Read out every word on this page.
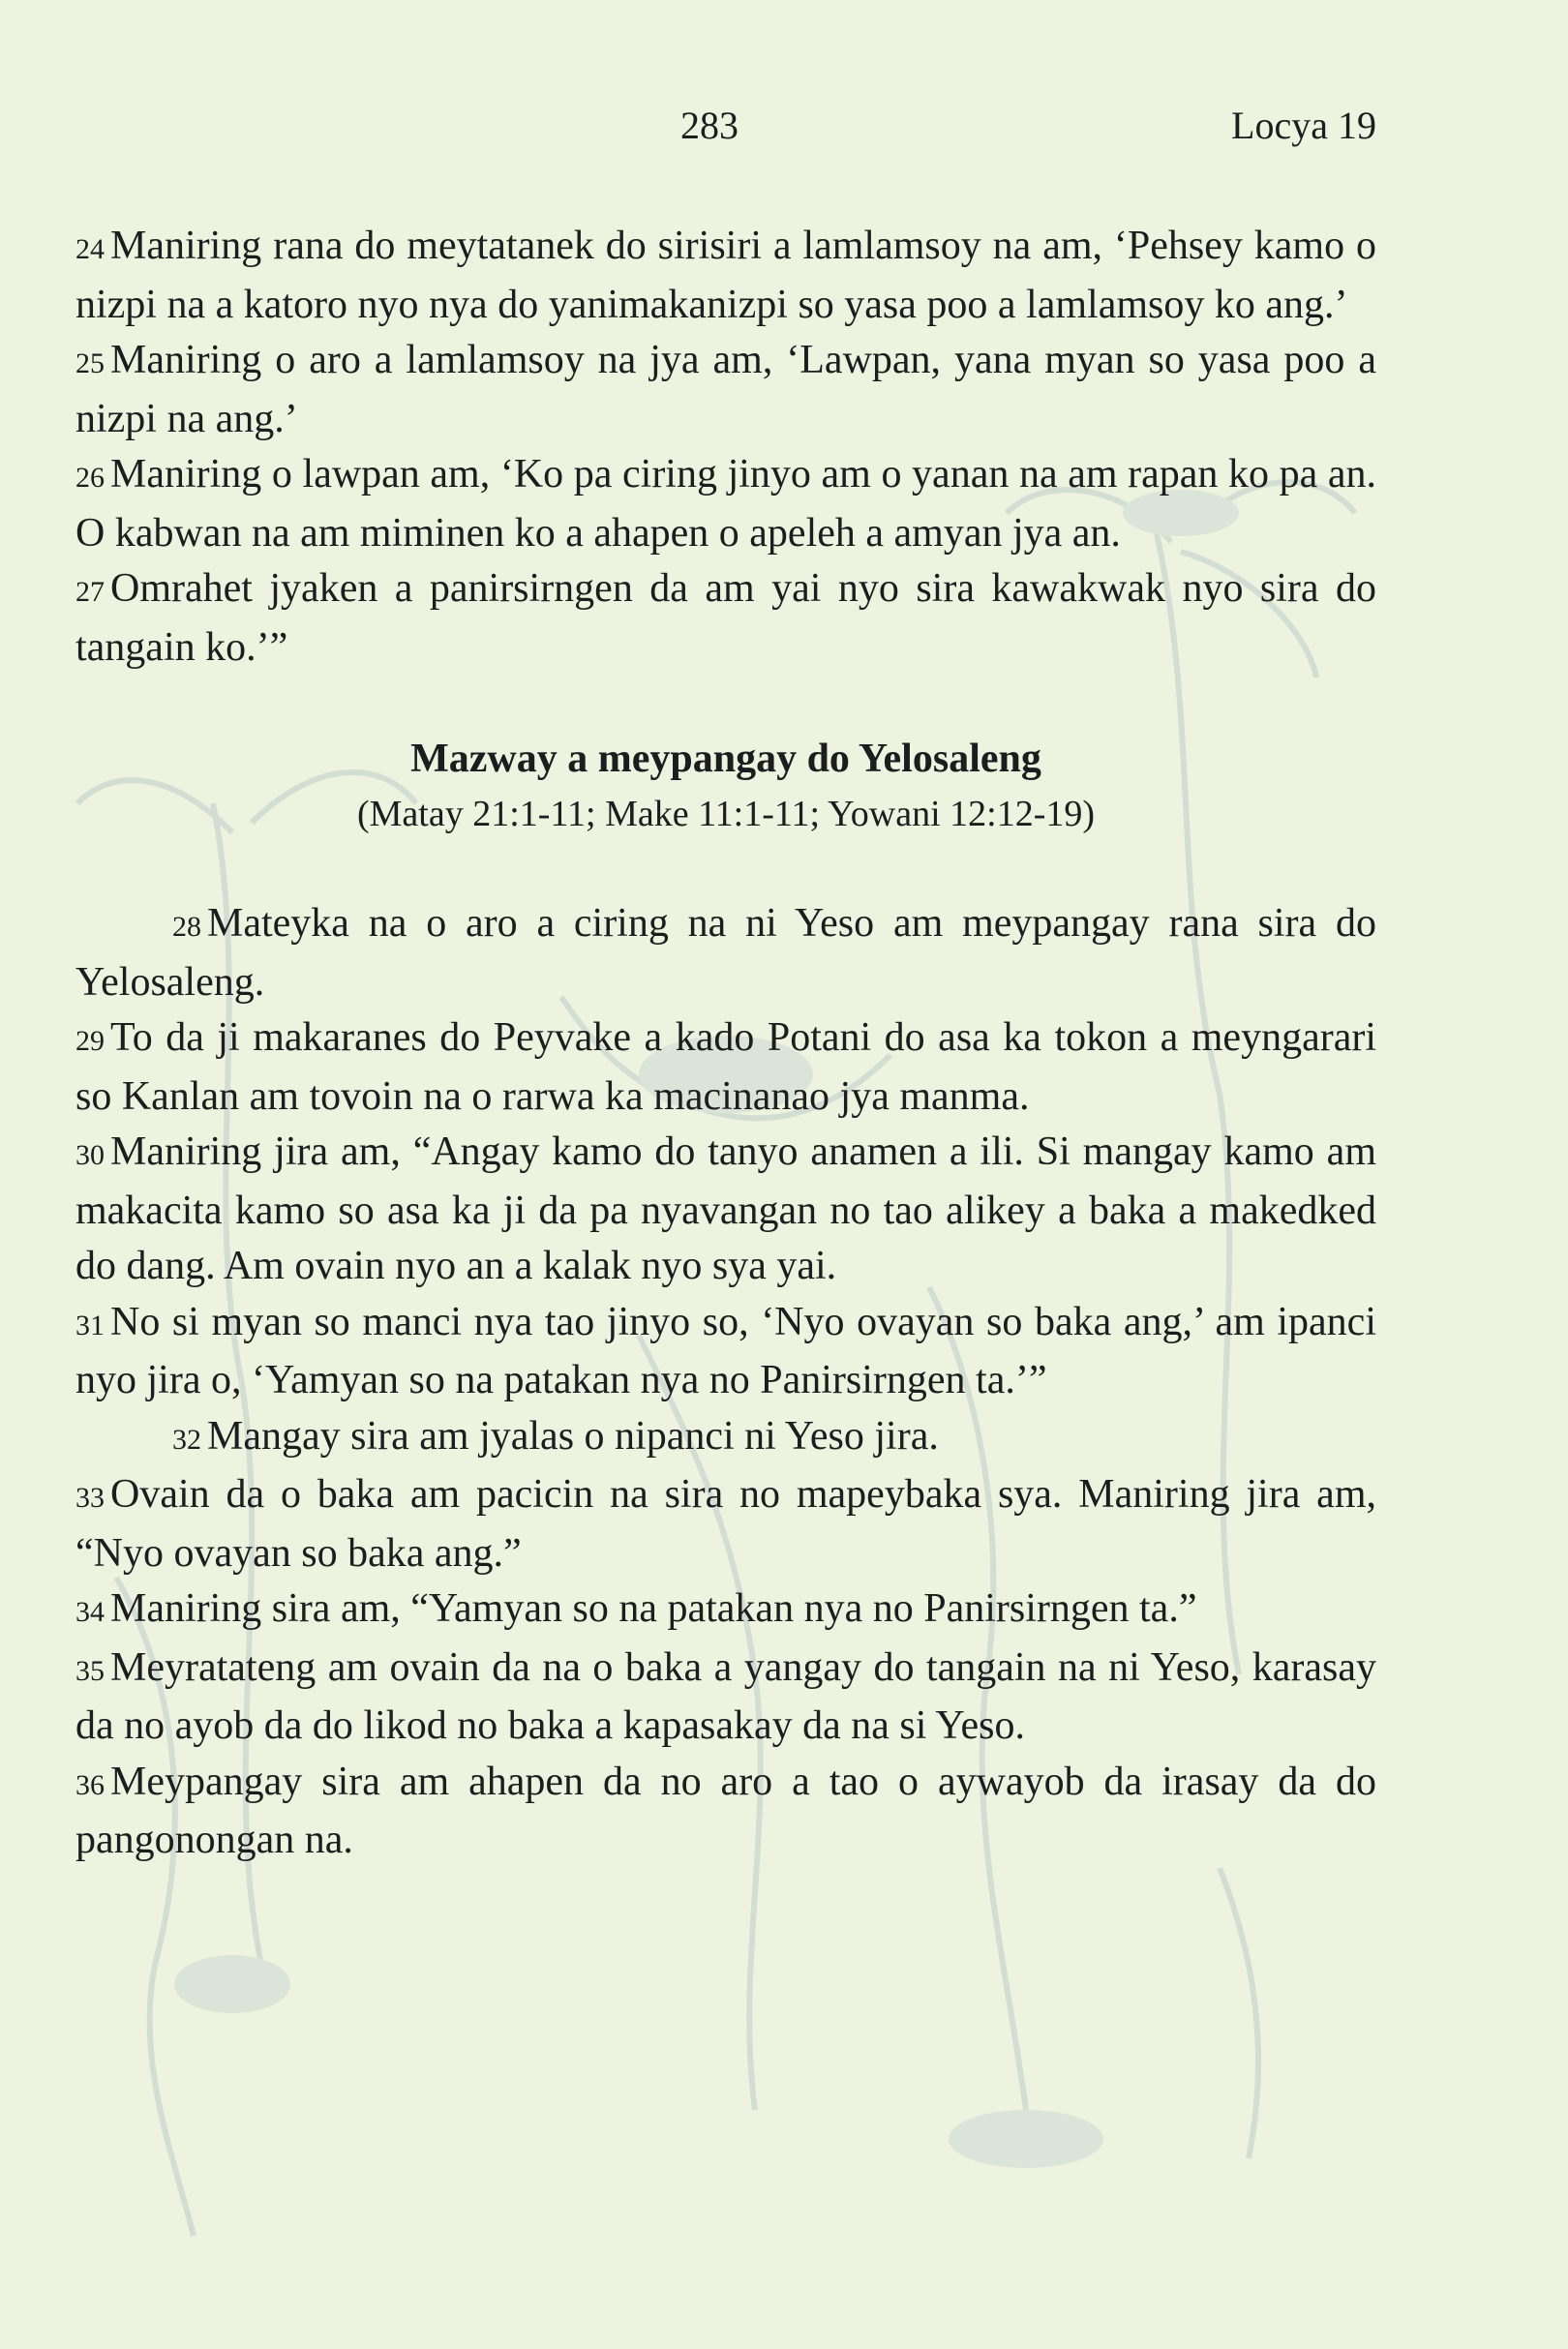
283	Locya 19

24 Maniring rana do meytatanek do sirisiri a lamlamsoy na am, ‘Pehsey kamo o nizpi na a katoro nyo nya do yanimakanizpi so yasa poo a lamlamsoy ko ang.’

25 Maniring o aro a lamlamsoy na jya am, ‘Lawpan, yana myan so yasa poo a nizpi na ang.’

26 Maniring o lawpan am, ‘Ko pa ciring jinyo am o yanan na am rapan ko pa an. O kabwan na am miminen ko a ahapen o apeleh a amyan jya an.

27 Omrahet jyaken a panirsirngen da am yai nyo sira kawakwak nyo sira do tangain ko.’”

Mazway a meypangay do Yelosaleng

(Matay 21:1-11; Make 11:1-11; Yowani 12:12-19)

28 Mateyka na o aro a ciring na ni Yeso am meypangay rana sira do Yelosaleng.

29 To da ji makaranes do Peyvake a kado Potani do asa ka tokon a meyngarari so Kanlan am tovoin na o rarwa ka macinanao jya manma.

30 Maniring jira am, “Angay kamo do tanyo anamen a ili. Si mangay kamo am makacita kamo so asa ka ji da pa nyavangan no tao alikey a baka a makedked do dang. Am ovain nyo an a kalak nyo sya yai.

31 No si myan so manci nya tao jinyo so, ‘Nyo ovayan so baka ang,’ am ipanci nyo jira o, ‘Yamyan so na patakan nya no Panirsirngen ta.’”

32 Mangay sira am jyalas o nipanci ni Yeso jira.

33 Ovain da o baka am pacicin na sira no mapeybaka sya. Maniring jira am, “Nyo ovayan so baka ang.”

34 Maniring sira am, “Yamyan so na patakan nya no Panirsirngen ta.”

35 Meyratateng am ovain da na o baka a yangay do tangain na ni Yeso, karasay da no ayob da do likod no baka a kapasakay da na si Yeso.

36 Meypangay sira am ahapen da no aro a tao o aywayob da irasay da do pangonongan na.
